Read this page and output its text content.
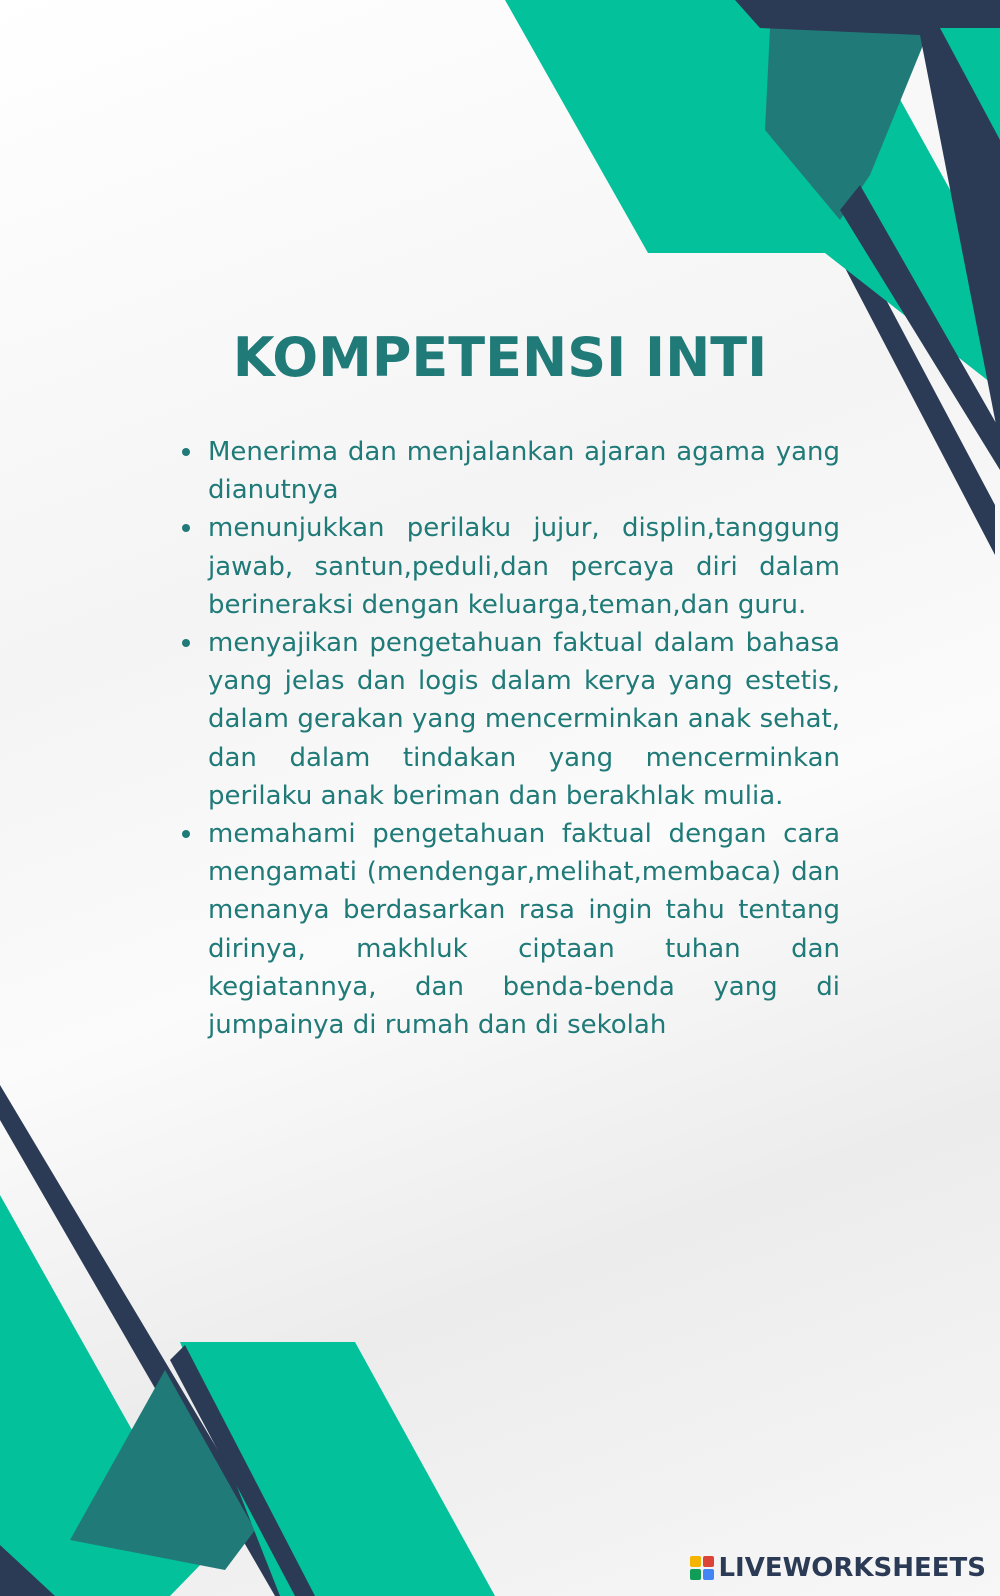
KOMPETENSI INTI
Menerima dan menjalankan ajaran agama yang dianutnya
menunjukkan perilaku jujur, displin,tanggung jawab, santun,peduli,dan percaya diri dalam berineraksi dengan keluarga,teman,dan guru.
menyajikan pengetahuan faktual dalam bahasa yang jelas dan logis dalam kerya yang estetis, dalam gerakan yang mencerminkan anak sehat, dan dalam tindakan yang mencerminkan perilaku anak beriman dan berakhlak mulia.
memahami pengetahuan faktual dengan cara mengamati (mendengar,melihat,membaca) dan menanya berdasarkan rasa ingin tahu tentang dirinya, makhluk ciptaan tuhan dan kegiatannya, dan benda-benda yang di jumpainya di rumah dan di sekolah
LIVEWORKSHEETS
